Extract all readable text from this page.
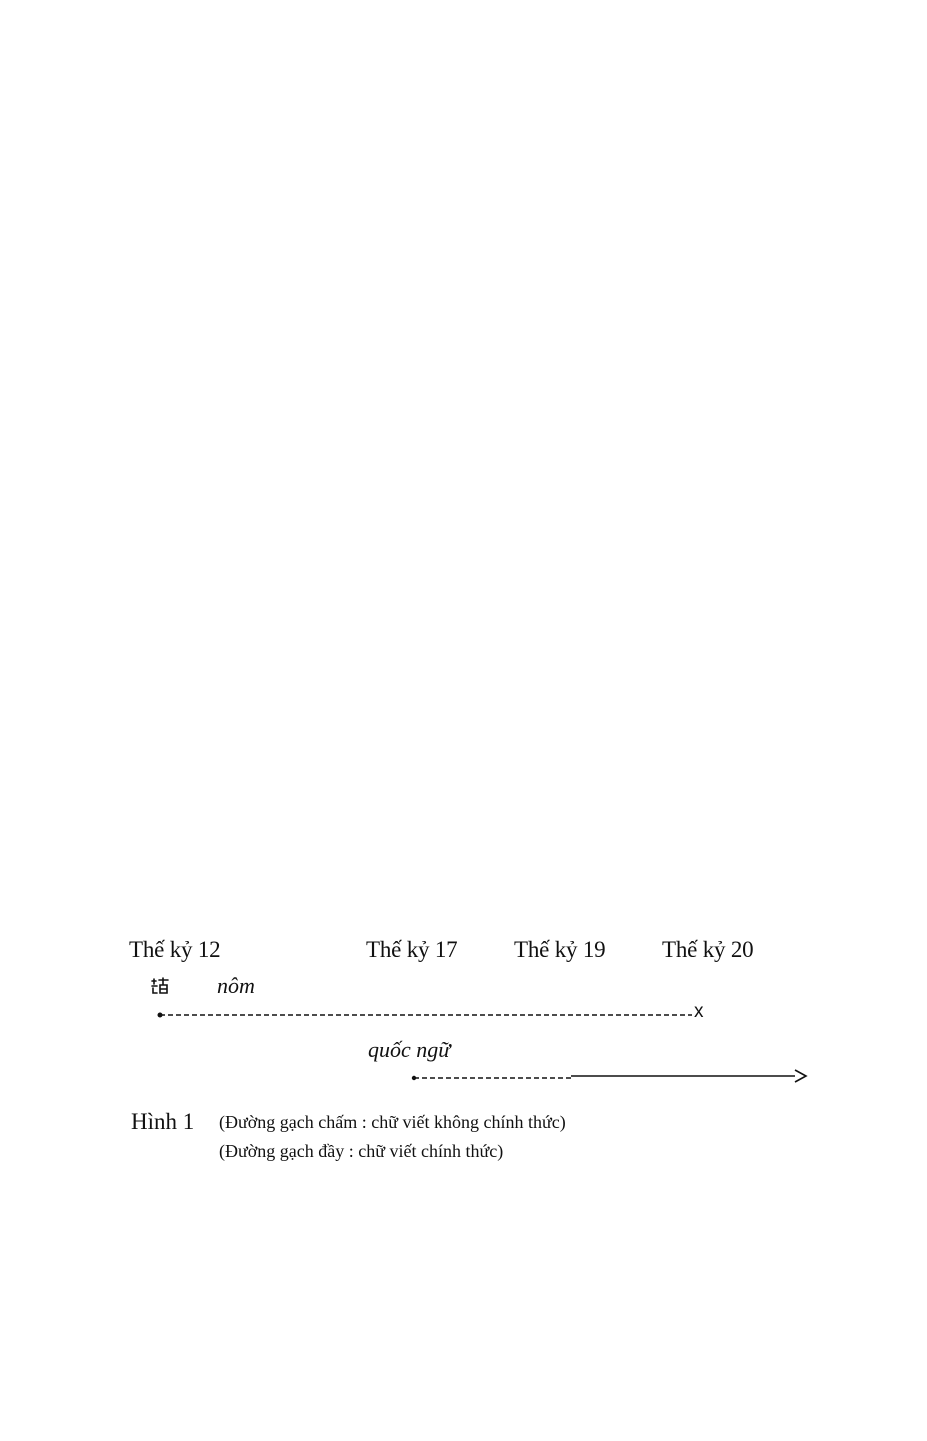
Thế kỷ 12	Thế kỷ 17 Thế kỷ 19 Thế kỷ 20
nôm
x
quốc ngữ
Hình 1 (Đường gạch chấm : chữ viết không chính thức)
(Đường gạch đầy : chữ viết chính thức)
